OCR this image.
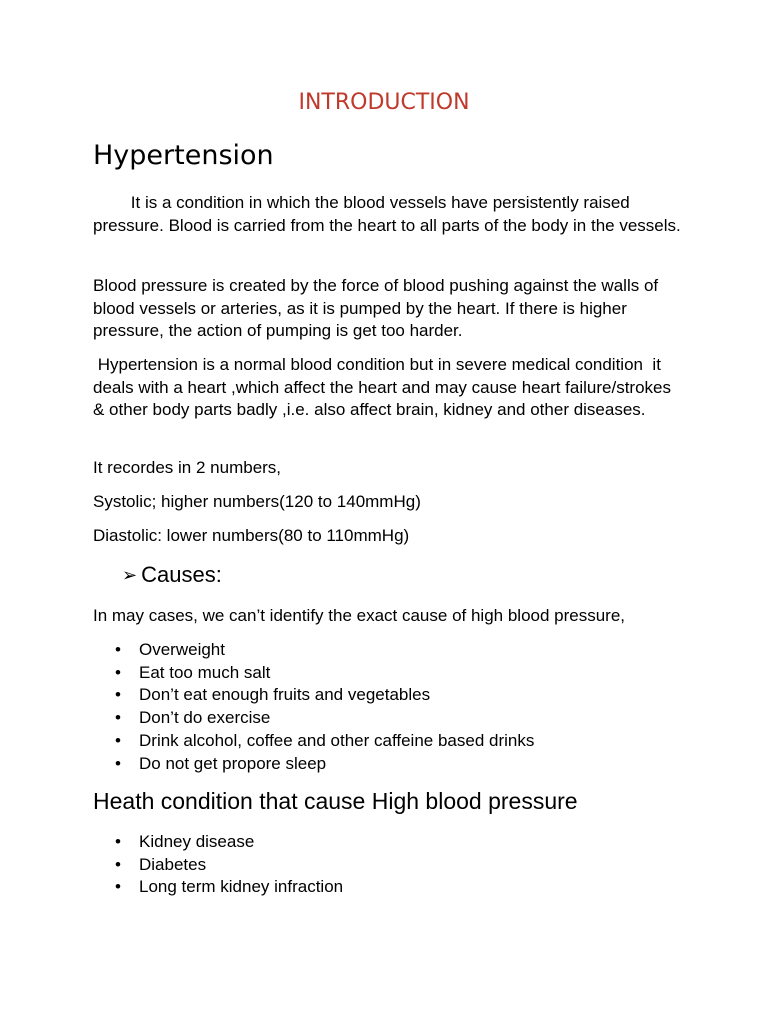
INTRODUCTION
Hypertension
It is a condition in which the blood vessels have persistently raised pressure. Blood is carried from the heart to all parts of the body in the vessels.
Blood pressure is created by the force of blood pushing against the walls of blood vessels or arteries, as it is pumped by the heart. If there is higher pressure, the action of pumping is get too harder.
Hypertension is a normal blood condition but in severe medical condition  it deals with a heart ,which affect the heart and may cause heart failure/strokes  & other body parts badly ,i.e. also affect brain, kidney and other diseases.
It recordes in 2 numbers,
Systolic; higher numbers(120 to 140mmHg)
Diastolic: lower numbers(80 to 110mmHg)
➢ Causes:
In may cases, we can’t identify the exact cause of high blood pressure,
• Overweight
• Eat too much salt
• Don’t eat enough fruits and vegetables
• Don’t do exercise
• Drink alcohol, coffee and other caffeine based drinks
• Do not get propore sleep
Heath condition that cause High blood pressure
• Kidney disease
• Diabetes
• Long term kidney infraction
